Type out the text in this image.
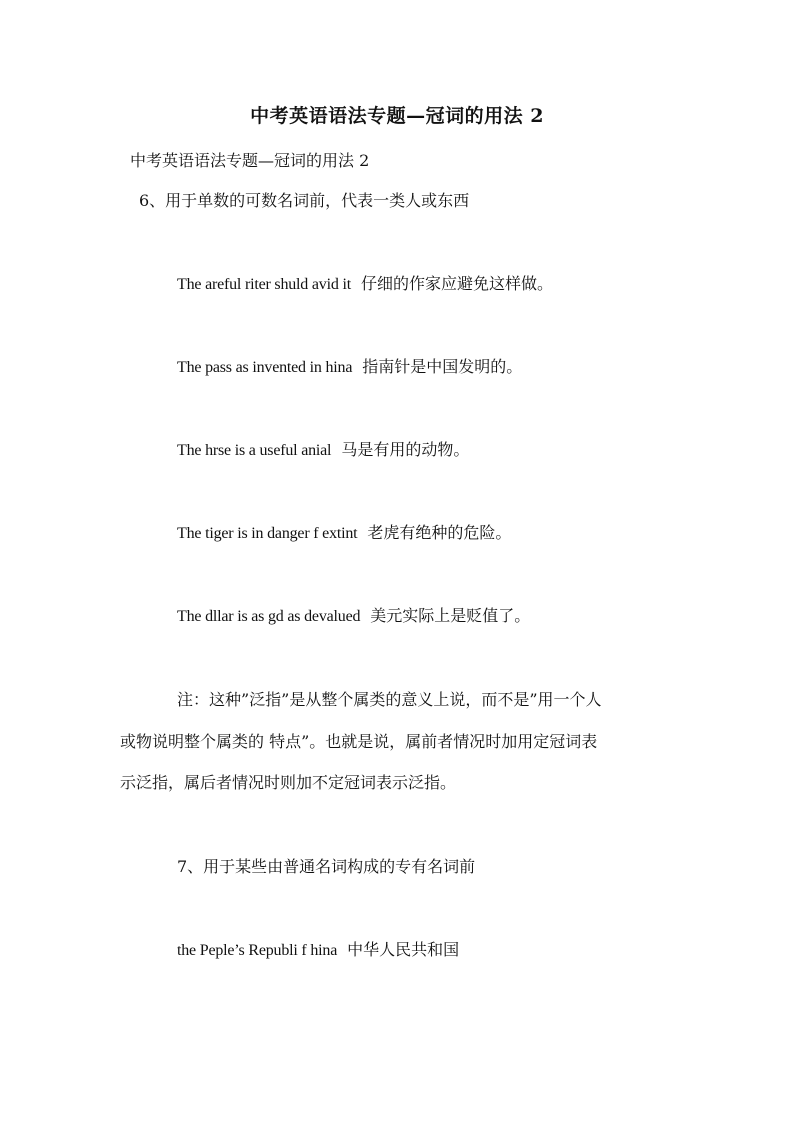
中考英语语法专题—冠词的用法 2
中考英语语法专题—冠词的用法 2
6、用于单数的可数名词前，代表一类人或东西
The areful riter shuld avid it 仔细的作家应避免这样做。
The pass as invented in hina 指南针是中国发明的。
The hrse is a useful anial 马是有用的动物。
The tiger is in danger f extint 老虎有绝种的危险。
The dllar is as gd as devalued 美元实际上是贬值了。
注：这种”泛指”是从整个属类的意义上说，而不是”用一个人
或物说明整个属类的 特点”。也就是说，属前者情况时加用定冠词表
示泛指，属后者情况时则加不定冠词表示泛指。
7、用于某些由普通名词构成的专有名词前
the Peple’s Republi f hina 中华人民共和国
